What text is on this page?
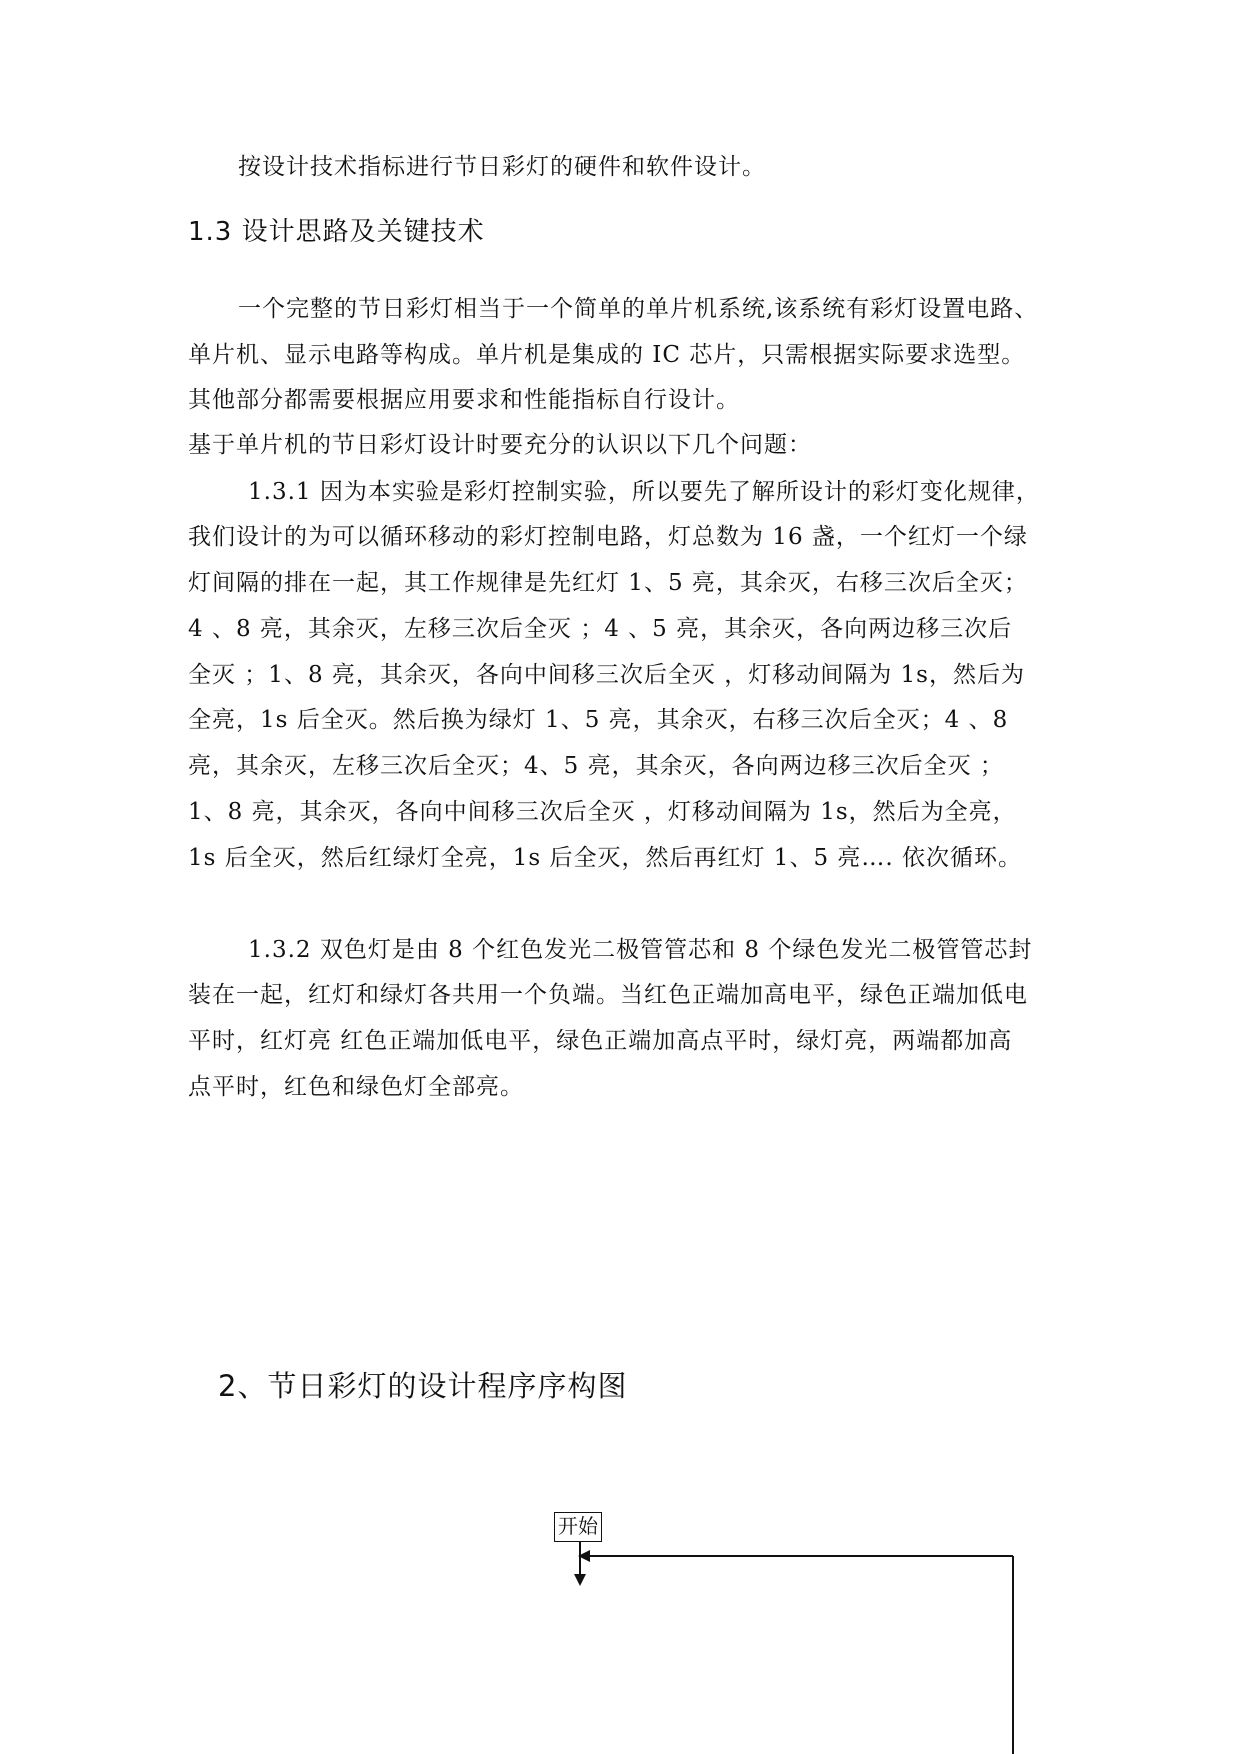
按设计技术指标进行节日彩灯的硬件和软件设计。
1.3 设计思路及关键技术
一个完整的节日彩灯相当于一个简单的单片机系统,该系统有彩灯设置电路、
单片机、显示电路等构成。单片机是集成的 IC 芯片，只需根据实际要求选型。
其他部分都需要根据应用要求和性能指标自行设计。
基于单片机的节日彩灯设计时要充分的认识以下几个问题：
1.3.1 因为本实验是彩灯控制实验，所以要先了解所设计的彩灯变化规律，
我们设计的为可以循环移动的彩灯控制电路，灯总数为 16 盏，一个红灯一个绿
灯间隔的排在一起，其工作规律是先红灯 1、5 亮，其余灭，右移三次后全灭；
4 、8 亮，其余灭，左移三次后全灭 ；4 、5 亮，其余灭，各向两边移三次后
全灭 ；1、8 亮，其余灭，各向中间移三次后全灭 ，灯移动间隔为 1s，然后为
全亮，1s 后全灭。然后换为绿灯 1、5 亮，其余灭，右移三次后全灭；4 、8
亮，其余灭，左移三次后全灭；4、5 亮，其余灭，各向两边移三次后全灭 ；
1、8 亮，其余灭，各向中间移三次后全灭 ，灯移动间隔为 1s，然后为全亮，
1s 后全灭，然后红绿灯全亮，1s 后全灭，然后再红灯 1、5 亮…. 依次循环。
1.3.2 双色灯是由 8 个红色发光二极管管芯和 8 个绿色发光二极管管芯封
装在一起，红灯和绿灯各共用一个负端。当红色正端加高电平，绿色正端加低电
平时，红灯亮 红色正端加低电平，绿色正端加高点平时，绿灯亮，两端都加高
点平时，红色和绿色灯全部亮。
2、节日彩灯的设计程序序构图
开始
